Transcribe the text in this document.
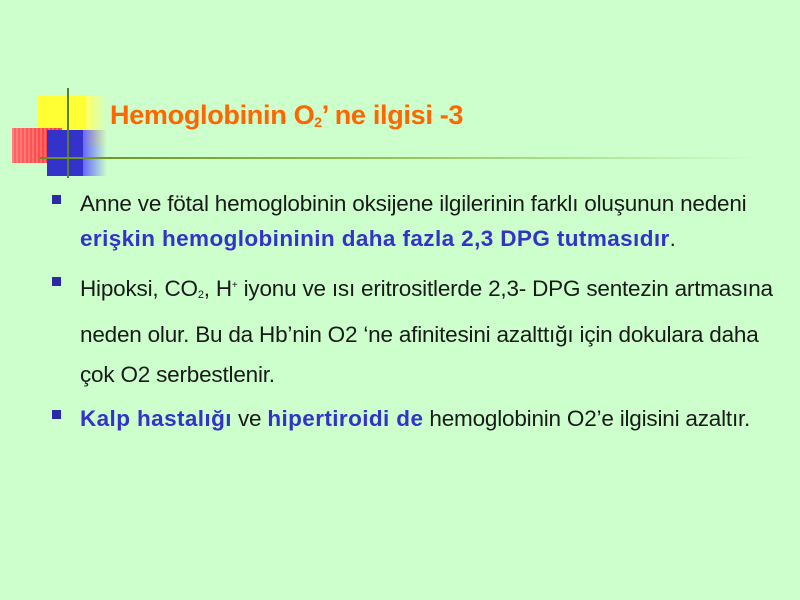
Hemoglobinin $O_2$’ ne ilgisi -3
Anne ve fötal hemoglobinin oksijene ilgilerinin farklı oluşunun nedeni erişkin hemoglobininin daha fazla 2,3 DPG tutmasıdır.
Hipoksi, CO2, H+ iyonu ve ısı eritrositlerde 2,3- DPG sentezin artmasına neden olur. Bu da Hb’nin O2 ‘ne afinitesini azalttığı için dokulara daha çok O2 serbestlenir.
Kalp hastalığı ve hipertiroidi de hemoglobinin O2’e ilgisini azaltır.
